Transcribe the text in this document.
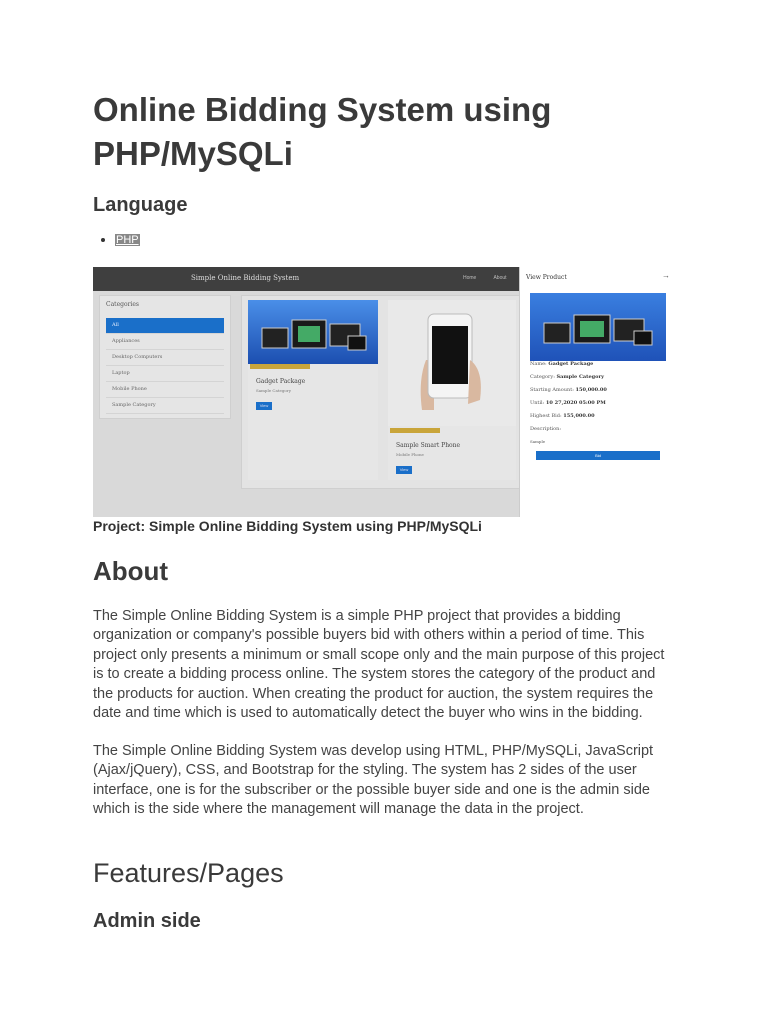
Online Bidding System using PHP/MySQLi
Language
• PHP
Simple Online Bidding System	Home	About
Categories
All
Appliances
Desktop Computers
Laptop
Mobile Phone
Sample Category
Gadget Package
Sample Category
View
Sample Smart Phone
Mobile Phone
View
View Product	→
Name: Gadget Package
Category: Sample Category
Starting Amount: 150,000.00
Until: 10 27,2020 05:00 PM
Highest Bid: 155,000.00
Description:
Sample
Bid

Project: Simple Online Bidding System using PHP/MySQLi

About

The Simple Online Bidding System is a simple PHP project that provides a bidding organization or company's possible buyers bid with others within a period of time. This project only presents a minimum or small scope only and the main purpose of this project is to create a bidding process online. The system stores the category of the product and the products for auction. When creating the product for auction, the system requires the date and time which is used to automatically detect the buyer who wins in the bidding.

The Simple Online Bidding System was develop using HTML, PHP/MySQLi, JavaScript (Ajax/jQuery), CSS, and Bootstrap for the styling. The system has 2 sides of the user interface, one is for the subscriber or the possible buyer side and one is the admin side which is the side where the management will manage the data in the project.

Features/Pages
Admin side
